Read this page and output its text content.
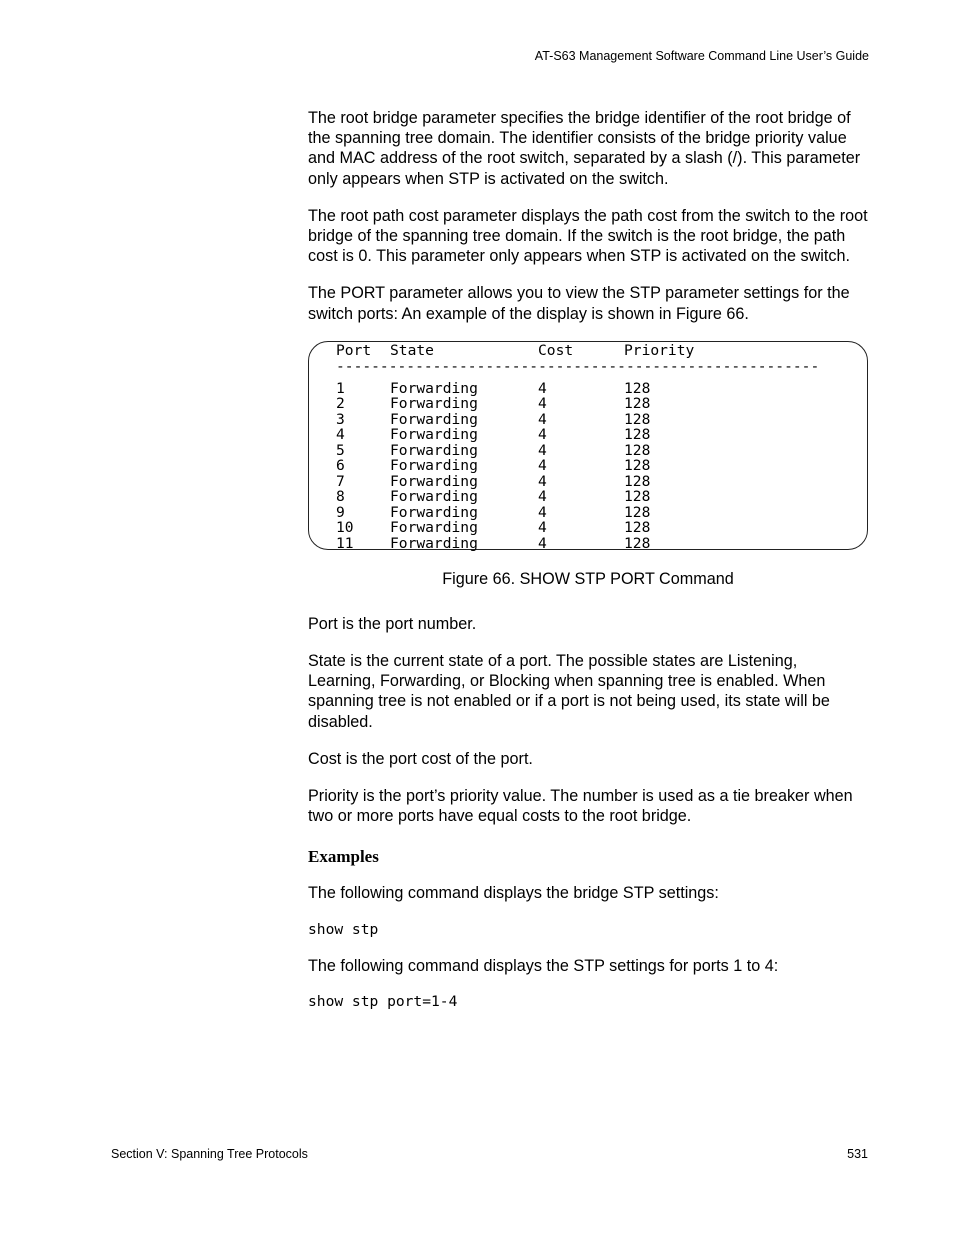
AT-S63 Management Software Command Line User’s Guide

The root bridge parameter specifies the bridge identifier of the root bridge of the spanning tree domain. The identifier consists of the bridge priority value and MAC address of the root switch, separated by a slash (/). This parameter only appears when STP is activated on the switch.

The root path cost parameter displays the path cost from the switch to the root bridge of the spanning tree domain. If the switch is the root bridge, the path cost is 0. This parameter only appears when STP is activated on the switch.

The PORT parameter allows you to view the STP parameter settings for the switch ports: An example of the display is shown in Figure 66.

Port State	Cost	Priority
-------------------------------------------------------
1	Forwarding	4	128
2	Forwarding	4	128
3	Forwarding	4	128
4	Forwarding	4	128
5	Forwarding	4	128
6	Forwarding	4	128
7	Forwarding	4	128
8	Forwarding	4	128
9	Forwarding	4	128
10 Forwarding	4	128
11 Forwarding	4	128
Figure 66. SHOW STP PORT Command

Port is the port number.

State is the current state of a port. The possible states are Listening, Learning, Forwarding, or Blocking when spanning tree is enabled. When spanning tree is not enabled or if a port is not being used, its state will be disabled.

Cost is the port cost of the port.

Priority is the port’s priority value. The number is used as a tie breaker when two or more ports have equal costs to the root bridge.

Examples

The following command displays the bridge STP settings:

show stp

The following command displays the STP settings for ports 1 to 4:

show stp port=1-4
Section V: Spanning Tree Protocols	531
